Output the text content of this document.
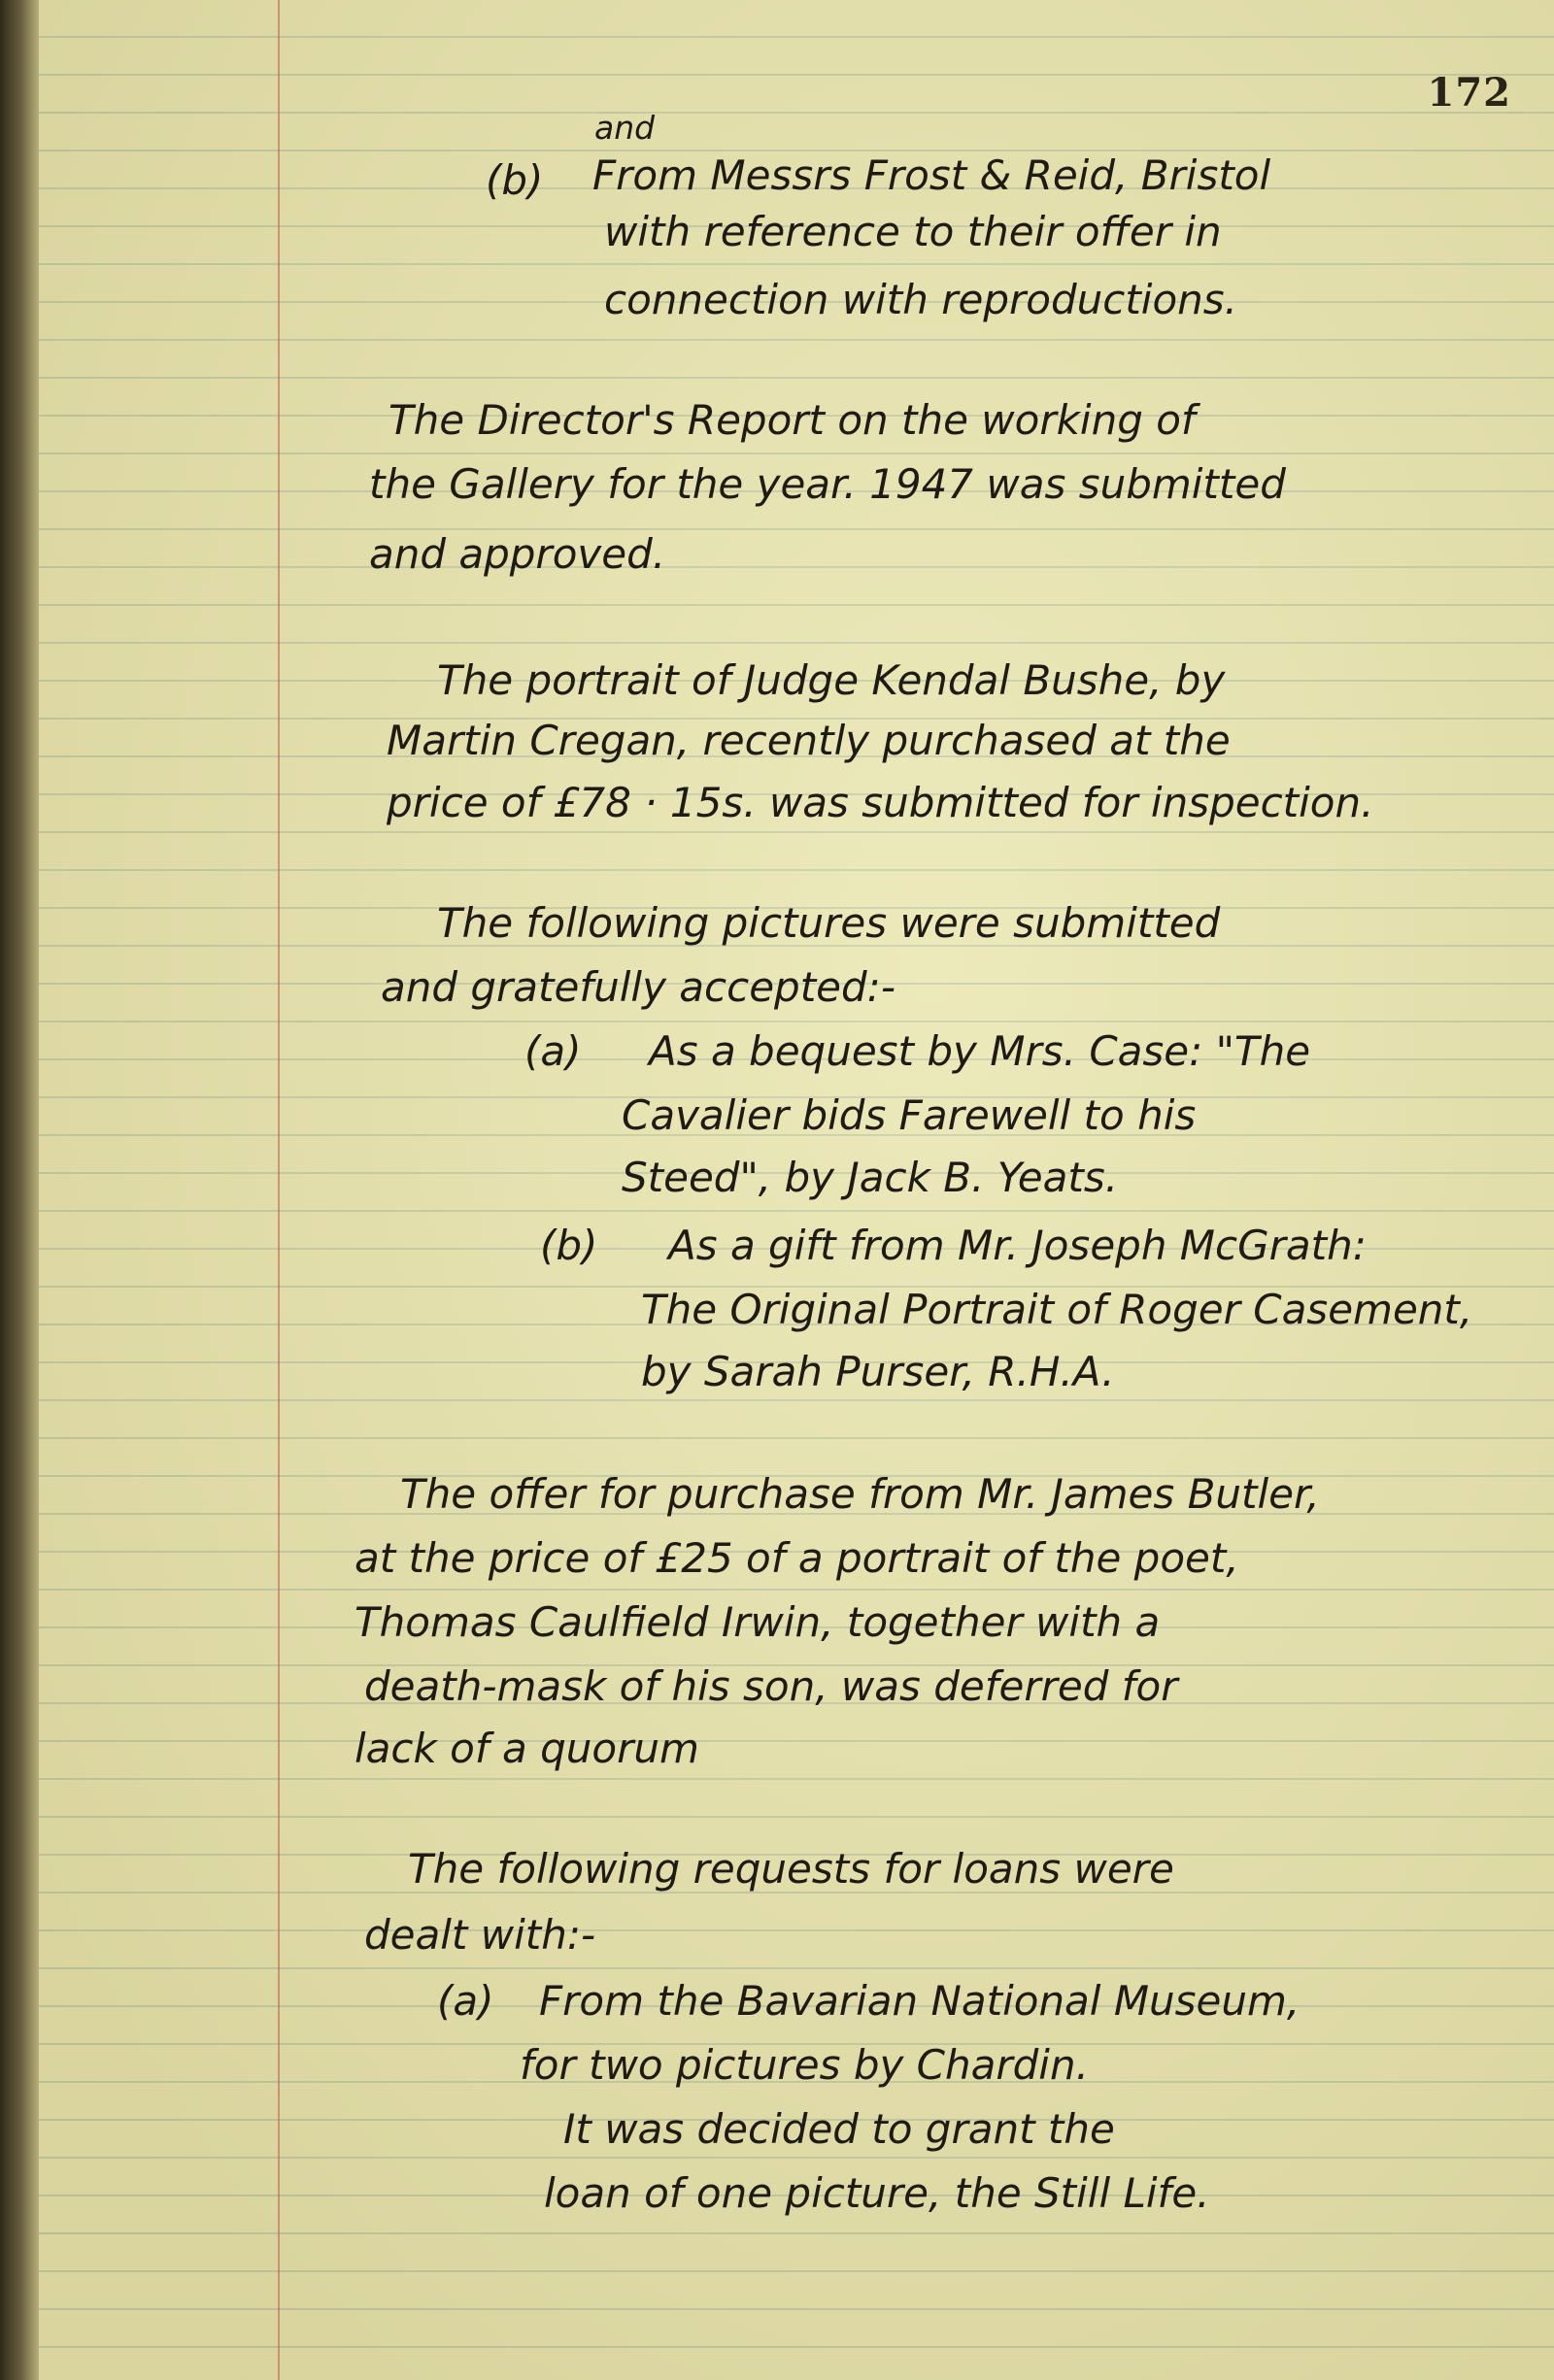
172
and
(b) From Messrs Frost & Reid, Bristol
with reference to their offer in
connection with reproductions.
The Director's Report on the working of
the Gallery for the year. 1947 was submitted
and approved.
The portrait of Judge Kendal Bushe, by
Martin Cregan, recently purchased at the
price of £78 · 15s. was submitted for inspection.
The following pictures were submitted
and gratefully accepted:-
(a) As a bequest by Mrs. Case: "The
Cavalier bids Farewell to his
Steed", by Jack B. Yeats.
(b) As a gift from Mr. Joseph McGrath:
The Original Portrait of Roger Casement,
by Sarah Purser, R.H.A.
The offer for purchase from Mr. James Butler,
at the price of £25 of a portrait of the poet,
Thomas Caulfield Irwin, together with a
death-mask of his son, was deferred for
lack of a quorum
The following requests for loans were
dealt with:-
(a) From the Bavarian National Museum,
for two pictures by Chardin.
It was decided to grant the
loan of one picture, the Still Life.
